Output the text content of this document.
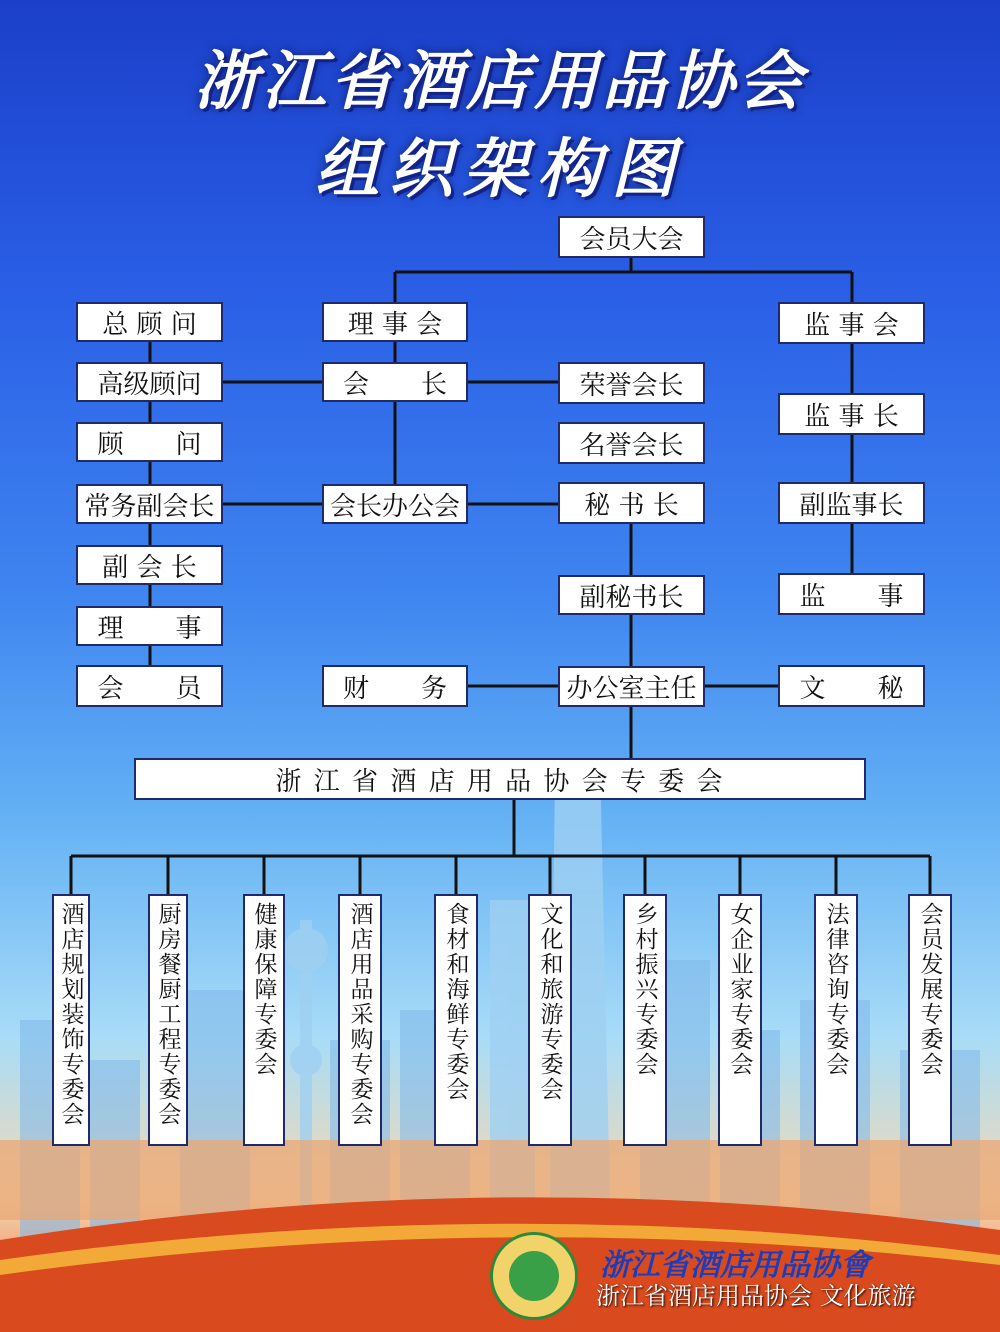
浙江省酒店用品协会
组织架构图
总 顾 问
高级顾问
顾　　问
常务副会长
副 会 长
理　　事
会　　员
会员大会
理 事 会
会　　长
会长办公会
财　　务
荣誉会长
名誉会长
秘 书 长
副秘书长
办公室主任
监 事 会
监 事 长
副监事长
监　　事
文　　秘
浙 江 省 酒 店 用 品 协 会 专 委 会
酒店规划装饰专委会	厨房餐厨工程专委会	健康保障专委会	酒店用品采购专委会	食材和海鲜专委会	文化和旅游专委会	乡村振兴专委会	女企业家专委会	法律咨询专委会	会员发展专委会
浙江省酒店用品协會
浙江省酒店用品协会 文化旅游
